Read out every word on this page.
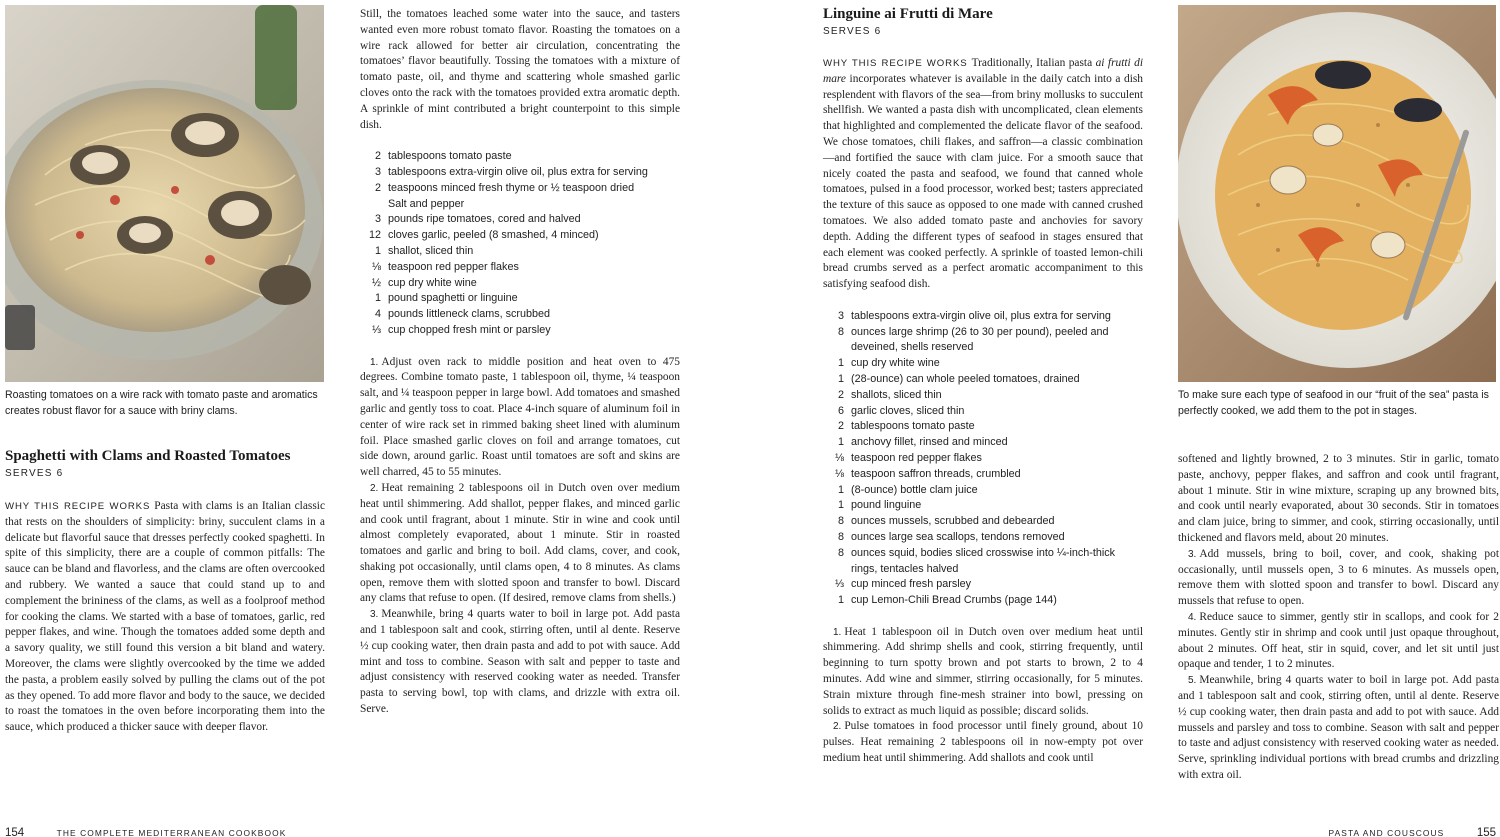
Roasting tomatoes on a wire rack with tomato paste and aromatics creates robust flavor for a sauce with briny clams.

Spaghetti with Clams and Roasted Tomatoes
SERVES 6

WHY THIS RECIPE WORKS Pasta with clams is an Italian classic that rests on the shoulders of simplicity: briny, succulent clams in a delicate but flavorful sauce that dresses perfectly cooked spaghetti. In spite of this simplicity, there are a couple of common pitfalls: The sauce can be bland and flavorless, and the clams are often overcooked and rubbery. We wanted a sauce that could stand up to and complement the brininess of the clams, as well as a foolproof method for cooking the clams. We started with a base of tomatoes, garlic, red pepper flakes, and wine. Though the tomatoes added some depth and a savory quality, we still found this version a bit bland and watery. Moreover, the clams were slightly overcooked by the time we added the pasta, a problem easily solved by pulling the clams out of the pot as they opened. To add more flavor and body to the sauce, we decided to roast the tomatoes in the oven before incorporating them into the sauce, which produced a thicker sauce with deeper flavor.

Still, the tomatoes leached some water into the sauce, and tasters wanted even more robust tomato flavor. Roasting the tomatoes on a wire rack allowed for better air circulation, concentrating the tomatoes’ flavor beautifully. Tossing the tomatoes with a mixture of tomato paste, oil, and thyme and scattering whole smashed garlic cloves onto the rack with the tomatoes provided extra aromatic depth. A sprinkle of mint contributed a bright counterpoint to this simple dish.

2 tablespoons tomato paste
3 tablespoons extra-virgin olive oil, plus extra for serving
2 teaspoons minced fresh thyme or ½ teaspoon dried
Salt and pepper
3 pounds ripe tomatoes, cored and halved
12 cloves garlic, peeled (8 smashed, 4 minced)
1 shallot, sliced thin
⅛ teaspoon red pepper flakes
½ cup dry white wine
1 pound spaghetti or linguine
4 pounds littleneck clams, scrubbed
⅓ cup chopped fresh mint or parsley

1. Adjust oven rack to middle position and heat oven to 475 degrees. Combine tomato paste, 1 tablespoon oil, thyme, ¼ teaspoon salt, and ¼ teaspoon pepper in large bowl. Add tomatoes and smashed garlic and gently toss to coat. Place 4-inch square of aluminum foil in center of wire rack set in rimmed baking sheet lined with aluminum foil. Place smashed garlic cloves on foil and arrange tomatoes, cut side down, around garlic. Roast until tomatoes are soft and skins are well charred, 45 to 55 minutes.

2. Heat remaining 2 tablespoons oil in Dutch oven over medium heat until shimmering. Add shallot, pepper flakes, and minced garlic and cook until fragrant, about 1 minute. Stir in wine and cook until almost completely evaporated, about 1 minute. Stir in roasted tomatoes and garlic and bring to boil. Add clams, cover, and cook, shaking pot occasionally, until clams open, 4 to 8 minutes. As clams open, remove them with slotted spoon and transfer to bowl. Discard any clams that refuse to open. (If desired, remove clams from shells.)

3. Meanwhile, bring 4 quarts water to boil in large pot. Add pasta and 1 tablespoon salt and cook, stirring often, until al dente. Reserve ½ cup cooking water, then drain pasta and add to pot with sauce. Add mint and toss to combine. Season with salt and pepper to taste and adjust consistency with reserved cooking water as needed. Transfer pasta to serving bowl, top with clams, and drizzle with extra oil. Serve.

154	THE COMPLETE MEDITERRANEAN COOKBOOK
Linguine ai Frutti di Mare
SERVES 6

WHY THIS RECIPE WORKS Traditionally, Italian pasta ai frutti di mare incorporates whatever is available in the daily catch into a dish resplendent with flavors of the sea—from briny mollusks to succulent shellfish. We wanted a pasta dish with uncomplicated, clean elements that highlighted and complemented the delicate flavor of the seafood. We chose tomatoes, chili flakes, and saffron—a classic combination—and fortified the sauce with clam juice. For a smooth sauce that nicely coated the pasta and seafood, we found that canned whole tomatoes, pulsed in a food processor, worked best; tasters appreciated the texture of this sauce as opposed to one made with canned crushed tomatoes. We also added tomato paste and anchovies for savory depth. Adding the different types of seafood in stages ensured that each element was cooked perfectly. A sprinkle of toasted lemon-chili bread crumbs served as a perfect aromatic accompaniment to this satisfying seafood dish.

3 tablespoons extra-virgin olive oil, plus extra for serving
8 ounces large shrimp (26 to 30 per pound), peeled and deveined, shells reserved
1 cup dry white wine
1 (28-ounce) can whole peeled tomatoes, drained
2 shallots, sliced thin
6 garlic cloves, sliced thin
2 tablespoons tomato paste
1 anchovy fillet, rinsed and minced
⅛ teaspoon red pepper flakes
⅛ teaspoon saffron threads, crumbled
1 (8-ounce) bottle clam juice
1 pound linguine
8 ounces mussels, scrubbed and debearded
8 ounces large sea scallops, tendons removed
8 ounces squid, bodies sliced crosswise into ¼-inch-thick rings, tentacles halved
⅓ cup minced fresh parsley
1 cup Lemon-Chili Bread Crumbs (page 144)

1. Heat 1 tablespoon oil in Dutch oven over medium heat until shimmering. Add shrimp shells and cook, stirring frequently, until beginning to turn spotty brown and pot starts to brown, 2 to 4 minutes. Add wine and simmer, stirring occasionally, for 5 minutes. Strain mixture through fine-mesh strainer into bowl, pressing on solids to extract as much liquid as possible; discard solids.

2. Pulse tomatoes in food processor until finely ground, about 10 pulses. Heat remaining 2 tablespoons oil in now-empty pot over medium heat until shimmering. Add shallots and cook until

To make sure each type of seafood in our “fruit of the sea” pasta is perfectly cooked, we add them to the pot in stages.

softened and lightly browned, 2 to 3 minutes. Stir in garlic, tomato paste, anchovy, pepper flakes, and saffron and cook until fragrant, about 1 minute. Stir in wine mixture, scraping up any browned bits, and cook until nearly evaporated, about 30 seconds. Stir in tomatoes and clam juice, bring to simmer, and cook, stirring occasionally, until thickened and flavors meld, about 20 minutes.

3. Add mussels, bring to boil, cover, and cook, shaking pot occasionally, until mussels open, 3 to 6 minutes. As mussels open, remove them with slotted spoon and transfer to bowl. Discard any mussels that refuse to open.

4. Reduce sauce to simmer, gently stir in scallops, and cook for 2 minutes. Gently stir in shrimp and cook until just opaque throughout, about 2 minutes. Off heat, stir in squid, cover, and let sit until just opaque and tender, 1 to 2 minutes.

5. Meanwhile, bring 4 quarts water to boil in large pot. Add pasta and 1 tablespoon salt and cook, stirring often, until al dente. Reserve ½ cup cooking water, then drain pasta and add to pot with sauce. Add mussels and parsley and toss to combine. Season with salt and pepper to taste and adjust consistency with reserved cooking water as needed. Serve, sprinkling individual portions with bread crumbs and drizzling with extra oil.

PASTA AND COUSCOUS	155
